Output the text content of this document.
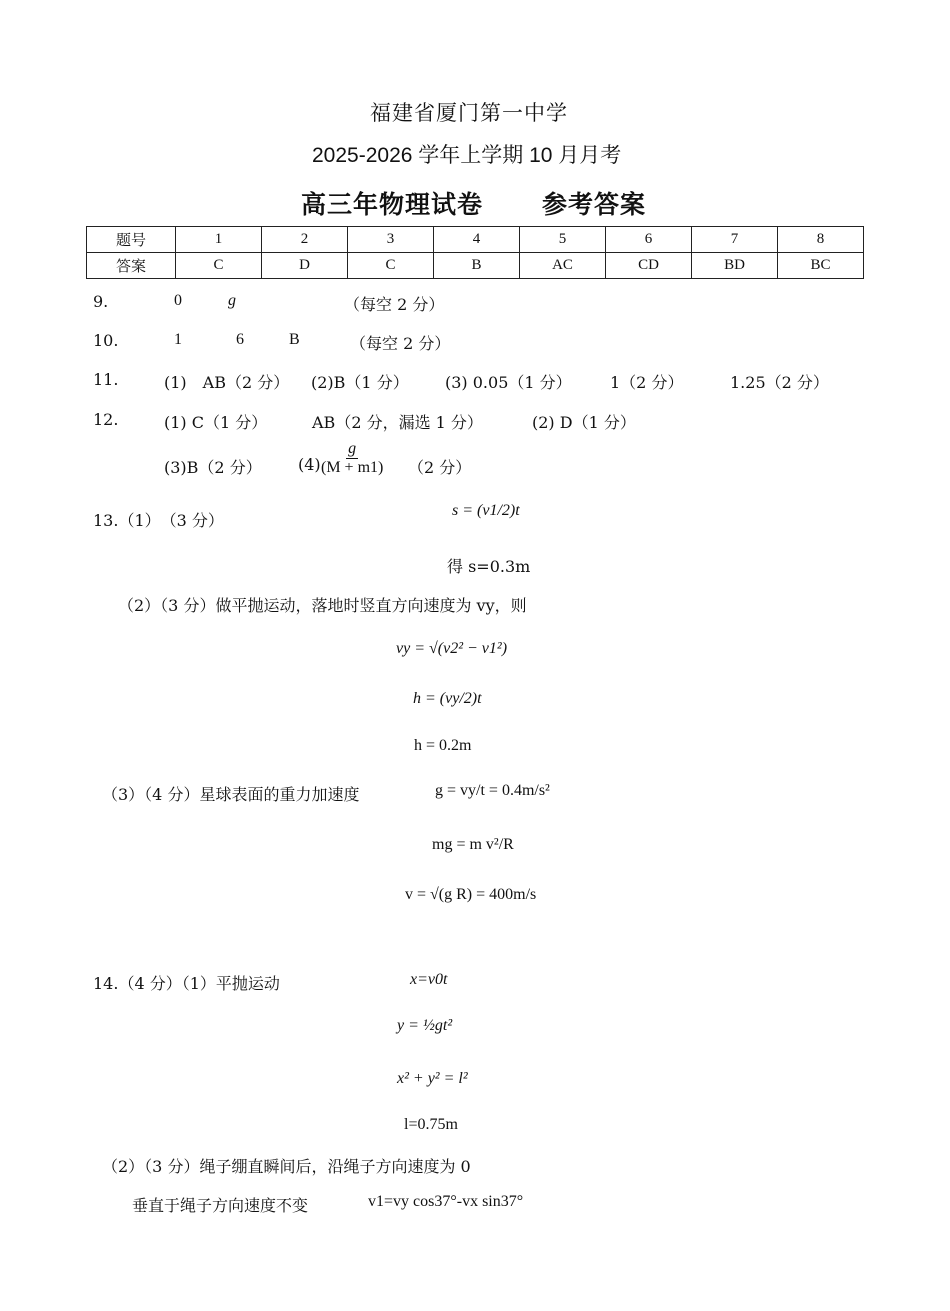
福建省厦门第一中学
2025-2026 学年上学期 10 月月考
高三年物理试卷 参考答案
题号	1	2	3	4	5	6	7	8
答案	C	D	C	B	AC	CD	BD	BC
9.	0	g	（每空 2 分）
10.	1	6	B	（每空 2 分）
11.	(1)　AB（2 分） (2)B（1 分） (3) 0.05（1 分） 1（2 分）	1.25（2 分）
12.	(1) C（1 分）	AB（2 分，漏选 1 分）	(2) D（1 分）
(3)B（2 分） (4)
$\frac{g}{(M + m1)} (2$ 分）
13.（1）　（3 分）
s = (v1/2)t
得 s=0.3m
（2）（3 分）做平抛运动，落地时竖直方向速度为 vy，则
vy = √(v2² − v1²)
h = (vy/2)t
h = 0.2m
（3）（4 分）星球表面的重力加速度	g = vy/t = 0.4m/s²
mg = m v²/R
v = √(g R) = 400m/s
14.（4 分）（1）平抛运动	x=v0t
y = ½gt²
x² + y² = l²
l=0.75m
（2）（3 分）绳子绷直瞬间后，沿绳子方向速度为 0
垂直于绳子方向速度不变	v1=vy cos37°-vx sin37°
